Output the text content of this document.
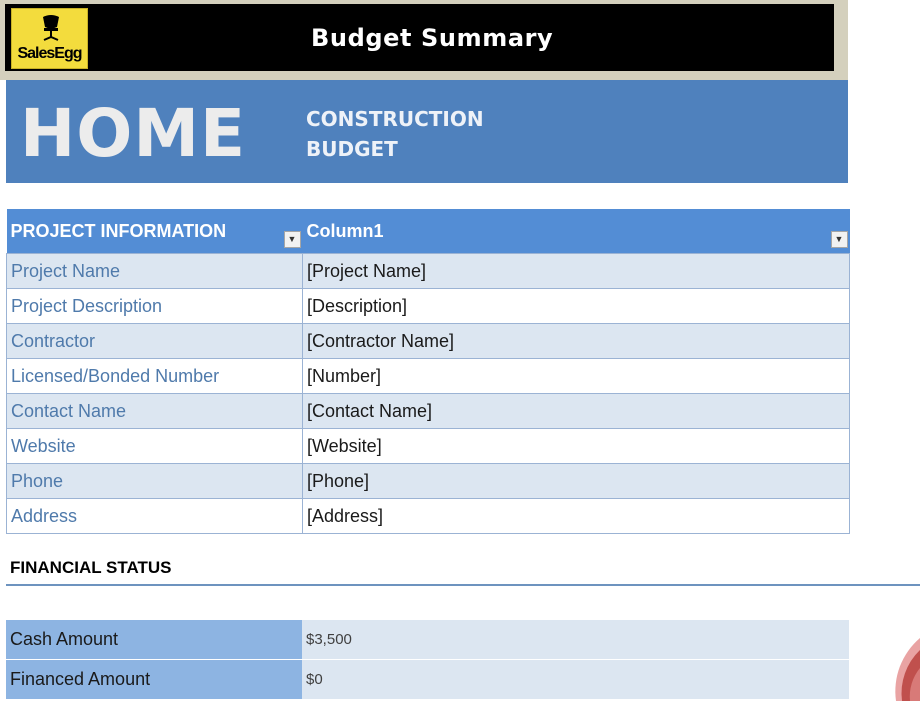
SalesEgg
Budget Summary
HOME	CONSTRUCTION
BUDGET
PROJECT INFORMATION ▼	Column1 ▼

Project Name	[Project Name]
Project Description	[Description]
Contractor	[Contractor Name]
Licensed/Bonded Number	[Number]
Contact Name	[Contact Name]
Website	[Website]
Phone	[Phone]
Address	[Address]
FINANCIAL STATUS
Cash Amount	$3,500
Financed Amount	$0
